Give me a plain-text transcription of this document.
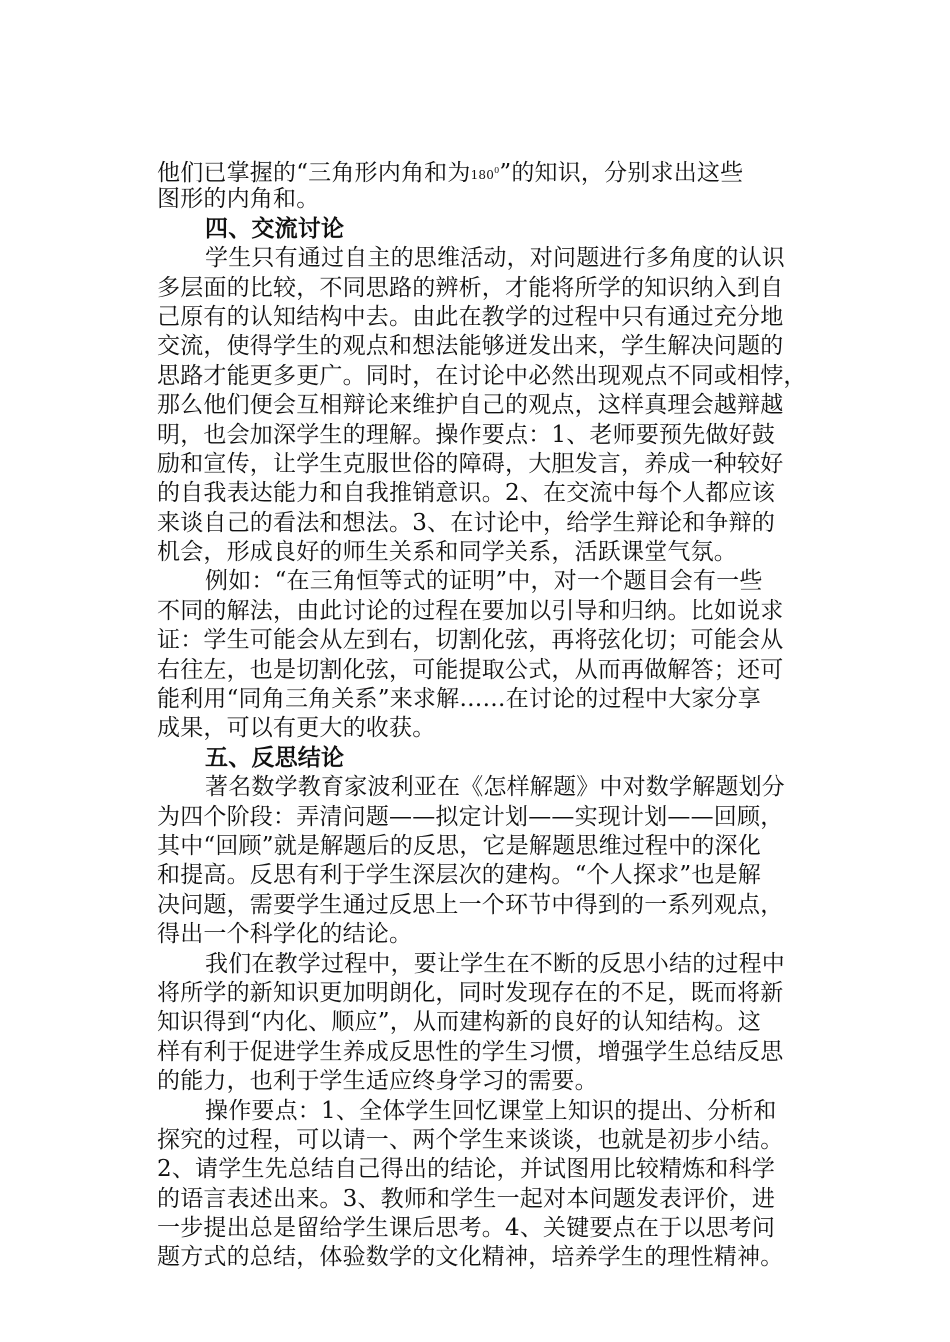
他们已掌握的“三角形内角和为$180^0$”的知识，分别求出这些
图形的内角和。
四、交流讨论
学生只有通过自主的思维活动，对问题进行多角度的认识
多层面的比较，不同思路的辨析，才能将所学的知识纳入到自
己原有的认知结构中去。由此在教学的过程中只有通过充分地
交流，使得学生的观点和想法能够迸发出来，学生解决问题的
思路才能更多更广。同时，在讨论中必然出现观点不同或相悖，
那么他们便会互相辩论来维护自己的观点，这样真理会越辩越
明，也会加深学生的理解。操作要点：1、老师要预先做好鼓
励和宣传，让学生克服世俗的障碍，大胆发言，养成一种较好
的自我表达能力和自我推销意识。2、在交流中每个人都应该
来谈自己的看法和想法。3、在讨论中，给学生辩论和争辩的
机会，形成良好的师生关系和同学关系，活跃课堂气氛。
例如：“在三角恒等式的证明”中，对一个题目会有一些
不同的解法，由此讨论的过程在要加以引导和归纳。比如说求
证：学生可能会从左到右，切割化弦，再将弦化切；可能会从
右往左，也是切割化弦，可能提取公式，从而再做解答；还可
能利用“同角三角关系”来求解……在讨论的过程中大家分享
成果，可以有更大的收获。
五、反思结论
著名数学教育家波利亚在《怎样解题》中对数学解题划分
为四个阶段：弄清问题——拟定计划——实现计划——回顾，
其中“回顾”就是解题后的反思，它是解题思维过程中的深化
和提高。反思有利于学生深层次的建构。“个人探求”也是解
决问题，需要学生通过反思上一个环节中得到的一系列观点，
得出一个科学化的结论。
我们在教学过程中，要让学生在不断的反思小结的过程中
将所学的新知识更加明朗化，同时发现存在的不足，既而将新
知识得到“内化、顺应”，从而建构新的良好的认知结构。这
样有利于促进学生养成反思性的学生习惯，增强学生总结反思
的能力，也利于学生适应终身学习的需要。
操作要点：1、全体学生回忆课堂上知识的提出、分析和
探究的过程，可以请一、两个学生来谈谈，也就是初步小结。
2、请学生先总结自己得出的结论，并试图用比较精炼和科学
的语言表述出来。3、教师和学生一起对本问题发表评价，进
一步提出总是留给学生课后思考。4、关键要点在于以思考问
题方式的总结，体验数学的文化精神，培养学生的理性精神。
